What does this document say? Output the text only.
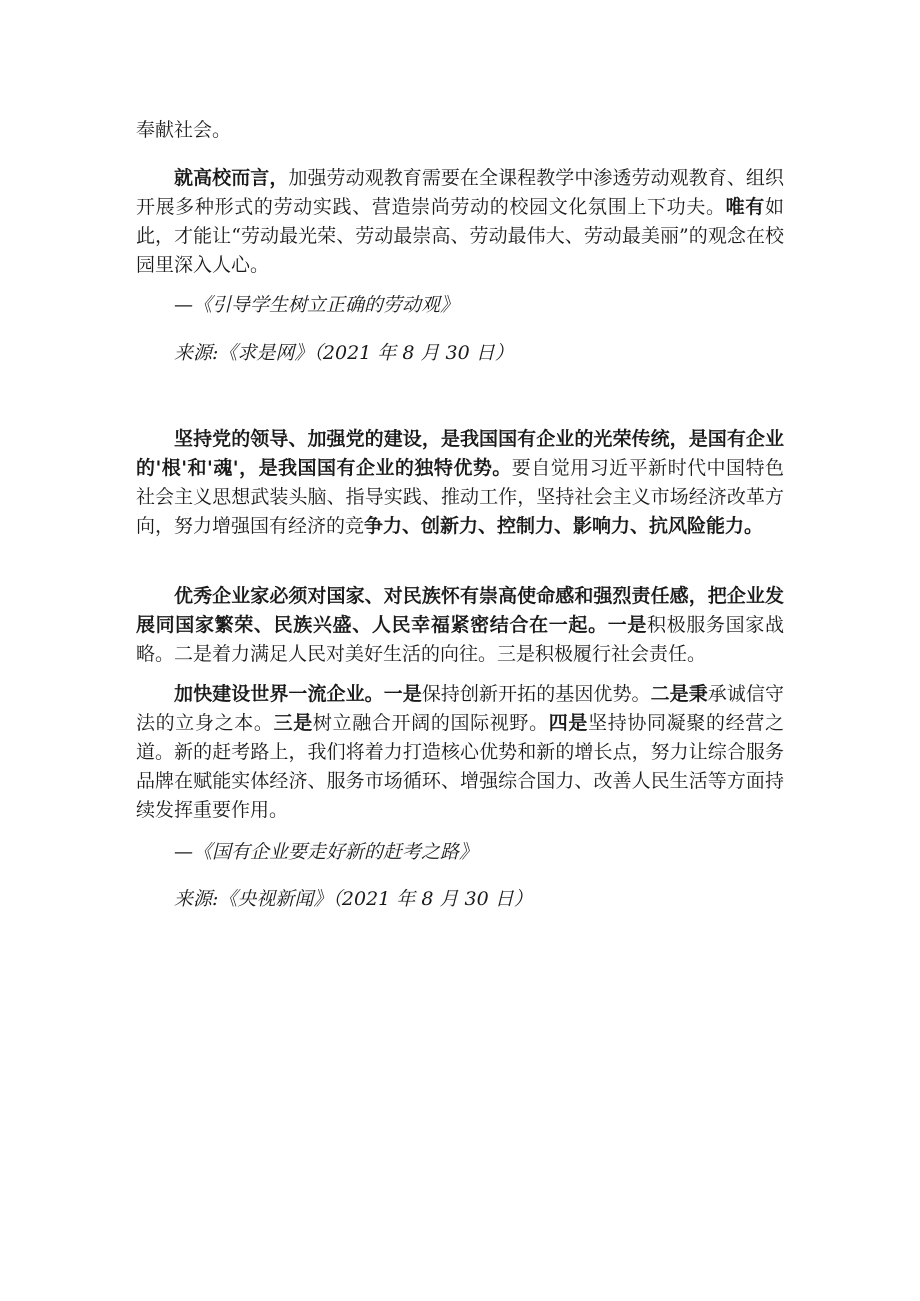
奉献社会。

就高校而言，加强劳动观教育需要在全课程教学中渗透劳动观教育、组织开展多种形式的劳动实践、营造崇尚劳动的校园文化氛围上下功夫。唯有如此，才能让“劳动最光荣、劳动最崇高、劳动最伟大、劳动最美丽”的观念在校园里深入人心。

—《引导学生树立正确的劳动观》

来源:《求是网》（2021 年 8 月 30 日）

坚持党的领导、加强党的建设，是我国国有企业的光荣传统，是国有企业的'根'和'魂'，是我国国有企业的独特优势。要自觉用习近平新时代中国特色社会主义思想武装头脑、指导实践、推动工作，坚持社会主义市场经济改革方向，努力增强国有经济的竞争力、创新力、控制力、影响力、抗风险能力。

优秀企业家必须对国家、对民族怀有崇高使命感和强烈责任感，把企业发展同国家繁荣、民族兴盛、人民幸福紧密结合在一起。一是积极服务国家战略。二是着力满足人民对美好生活的向往。三是积极履行社会责任。

加快建设世界一流企业。一是保持创新开拓的基因优势。二是秉承诚信守法的立身之本。三是树立融合开阔的国际视野。四是坚持协同凝聚的经营之道。新的赶考路上，我们将着力打造核心优势和新的增长点，努力让综合服务品牌在赋能实体经济、服务市场循环、增强综合国力、改善人民生活等方面持续发挥重要作用。

—《国有企业要走好新的赶考之路》

来源:《央视新闻》（2021 年 8 月 30 日）
